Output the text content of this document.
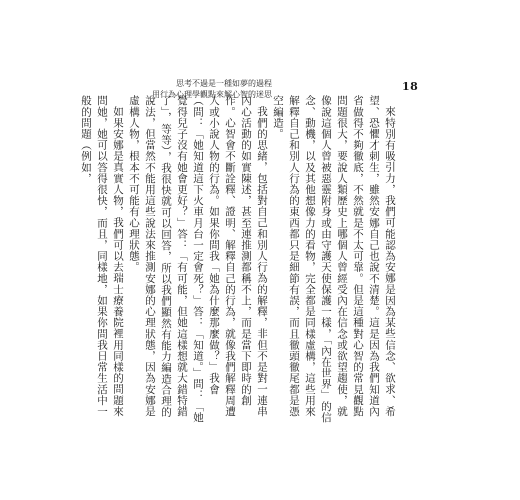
思考不過是一種如夢的過程
用行為心理學觀點來解心智的迷思
18

來特別有吸引力，我們可能認為安娜是因為某些信念、欲求、希望、恐懼才刺生，雖然安娜自己也說不清楚。這是因為我們知道內省做得不夠徹底，不然就是不太可靠。但是這種對心智的常見觀點問題很大，要說人類歷史上哪個人曾經受內在信念或欲望趨使，就像說這個人曾被惡靈附身或由守護天使保護一樣，「內在世界」的信念、動機，以及其他想像力的看物，完全都是同樣虛構，這些用來解釋自己和別人行為的東西都只是細節有誤，而且徹頭徹尾都是憑空編造。

我們的思緒，包括對自己和別人行為的解釋，非但不是對一連串內心活動的如實陳述，甚至連推測都稱不上，而是當下即時的創作。心智會不斷詮釋、證明、解釋自己的行為，就像我們解釋周遭人或小說人物的行為。如果你問我「她為什麼那麼做？」我會（問：「她知道這下火車月台一定會死？」答：「知道。」問：「她覺得兒子沒有她會更好？」答：「有可能，但她這樣想就大錯特錯了」，等等），我很快就可以回答，所以我們顯然有能力編造合理的說法，但當然不能用這些說法來推測安娜的心理狀態，因為安娜是虛構人物，根本不可能有心理狀態。

如果安娜是真實人物，我們可以去瑞士療養院裡用同樣的問題來問她，她可以答得很快，而且，同樣地，如果你問我日常生活中一般的問題（例如，
